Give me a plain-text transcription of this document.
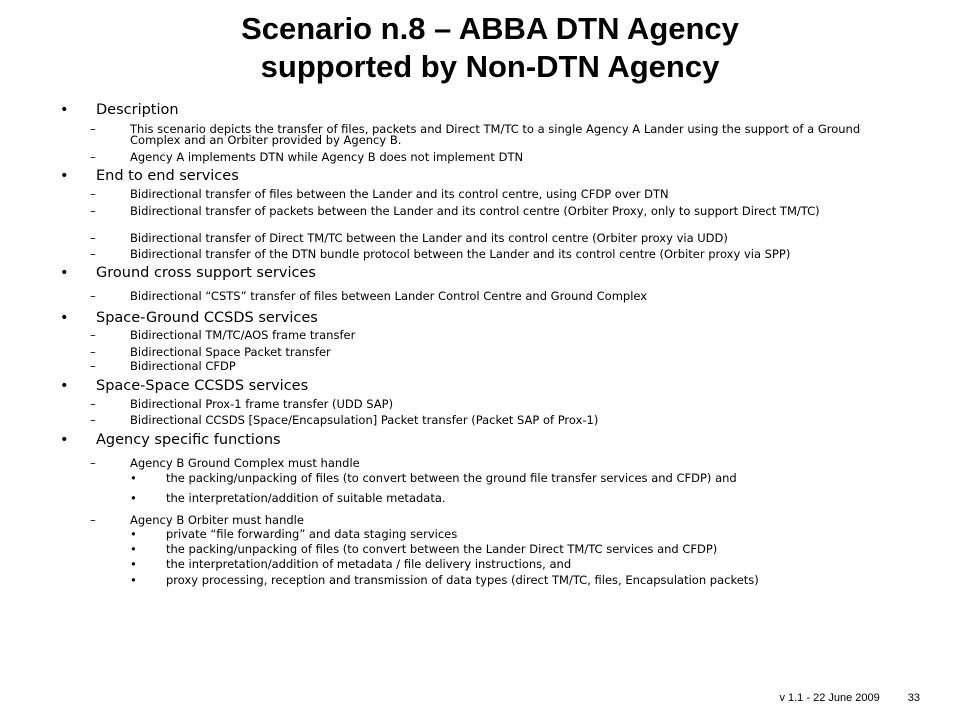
Scenario n.8 – ABBA DTN Agency
supported by Non-DTN Agency
• Description
–	This scenario depicts the transfer of files, packets and Direct TM/TC to a single Agency A Lander using the support of a Ground Complex and an Orbiter provided by Agency B.
–	Agency A implements DTN while Agency B does not implement DTN
• End to end services
–	Bidirectional transfer of files between the Lander and its control centre, using CFDP over DTN
–	Bidirectional transfer of packets between the Lander and its control centre (Orbiter Proxy, only to support Direct TM/TC)
–	Bidirectional transfer of Direct TM/TC between the Lander and its control centre (Orbiter proxy via UDD)
–	Bidirectional transfer of the DTN bundle protocol between the Lander and its control centre (Orbiter proxy via SPP)
• Ground cross support services
–	Bidirectional “CSTS” transfer of files between Lander Control Centre and Ground Complex
• Space-Ground CCSDS services
–	Bidirectional TM/TC/AOS frame transfer
–	Bidirectional Space Packet transfer
–	Bidirectional CFDP
• Space-Space CCSDS services
–	Bidirectional Prox-1 frame transfer (UDD SAP)
–	Bidirectional CCSDS [Space/Encapsulation] Packet transfer (Packet SAP of Prox-1)
• Agency specific functions
–	Agency B Ground Complex must handle
•	the packing/unpacking of files (to convert between the ground file transfer services and CFDP) and
•	the interpretation/addition of suitable metadata.
–	Agency B Orbiter must handle
•	private “file forwarding” and data staging services
•	the packing/unpacking of files (to convert between the Lander Direct TM/TC services and CFDP)
•	the interpretation/addition of metadata / file delivery instructions, and
•	proxy processing, reception and transmission of data types (direct TM/TC, files, Encapsulation packets)
v 1.1 - 22 June 2009	33
